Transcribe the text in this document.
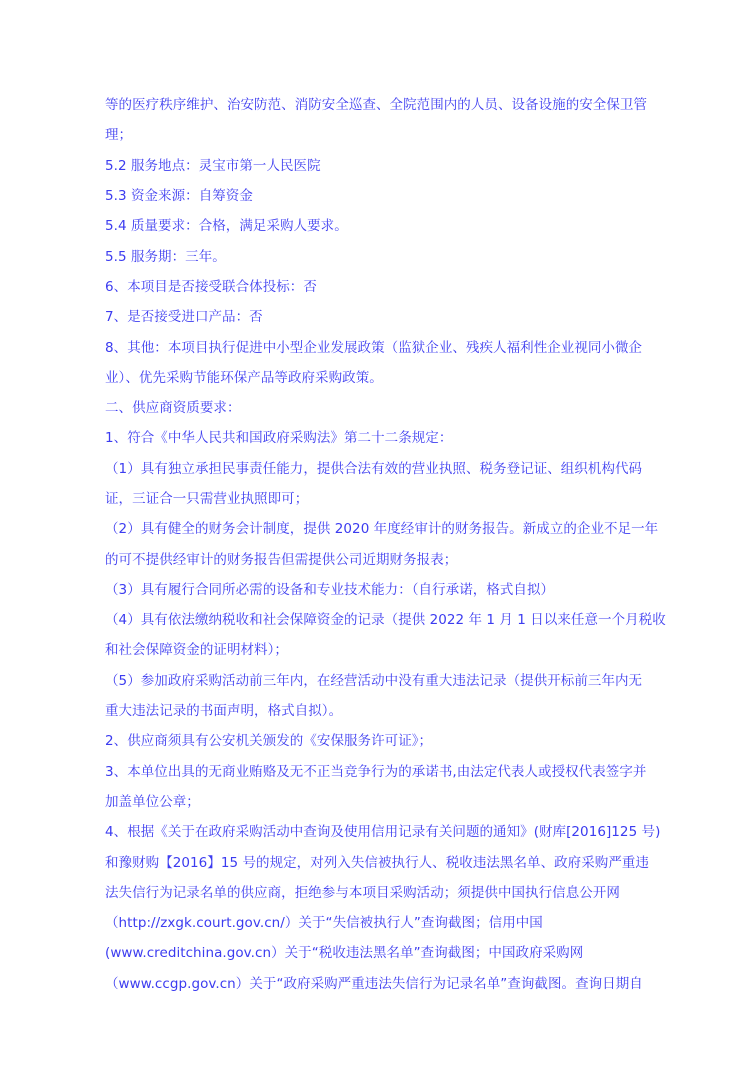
等的医疗秩序维护、治安防范、消防安全巡查、全院范围内的人员、设备设施的安全保卫管
理；
5.2 服务地点：灵宝市第一人民医院
5.3 资金来源：自筹资金
5.4 质量要求：合格，满足采购人要求。
5.5 服务期：三年。
6、本项目是否接受联合体投标：否
7、是否接受进口产品：否
8、其他：本项目执行促进中小型企业发展政策（监狱企业、残疾人福利性企业视同小微企
业）、优先采购节能环保产品等政府采购政策。
二、供应商资质要求：
1、符合《中华人民共和国政府采购法》第二十二条规定：
（1）具有独立承担民事责任能力，提供合法有效的营业执照、税务登记证、组织机构代码
证，三证合一只需营业执照即可；
（2）具有健全的财务会计制度，提供 2020 年度经审计的财务报告。新成立的企业不足一年
的可不提供经审计的财务报告但需提供公司近期财务报表；
（3）具有履行合同所必需的设备和专业技术能力：（自行承诺，格式自拟）
（4）具有依法缴纳税收和社会保障资金的记录（提供 2022 年 1 月 1 日以来任意一个月税收
和社会保障资金的证明材料）；
（5）参加政府采购活动前三年内，在经营活动中没有重大违法记录（提供开标前三年内无
重大违法记录的书面声明，格式自拟）。
2、供应商须具有公安机关颁发的《安保服务许可证》；
3、本单位出具的无商业贿赂及无不正当竞争行为的承诺书,由法定代表人或授权代表签字并
加盖单位公章；
4、根据《关于在政府采购活动中查询及使用信用记录有关问题的通知》(财库[2016]125 号)
和豫财购【2016】15 号的规定，对列入失信被执行人、税收违法黑名单、政府采购严重违
法失信行为记录名单的供应商，拒绝参与本项目采购活动；须提供中国执行信息公开网
（http://zxgk.court.gov.cn/）关于“失信被执行人”查询截图；信用中国
(www.creditchina.gov.cn）关于“税收违法黑名单”查询截图；中国政府采购网
（www.ccgp.gov.cn）关于“政府采购严重违法失信行为记录名单”查询截图。查询日期自
